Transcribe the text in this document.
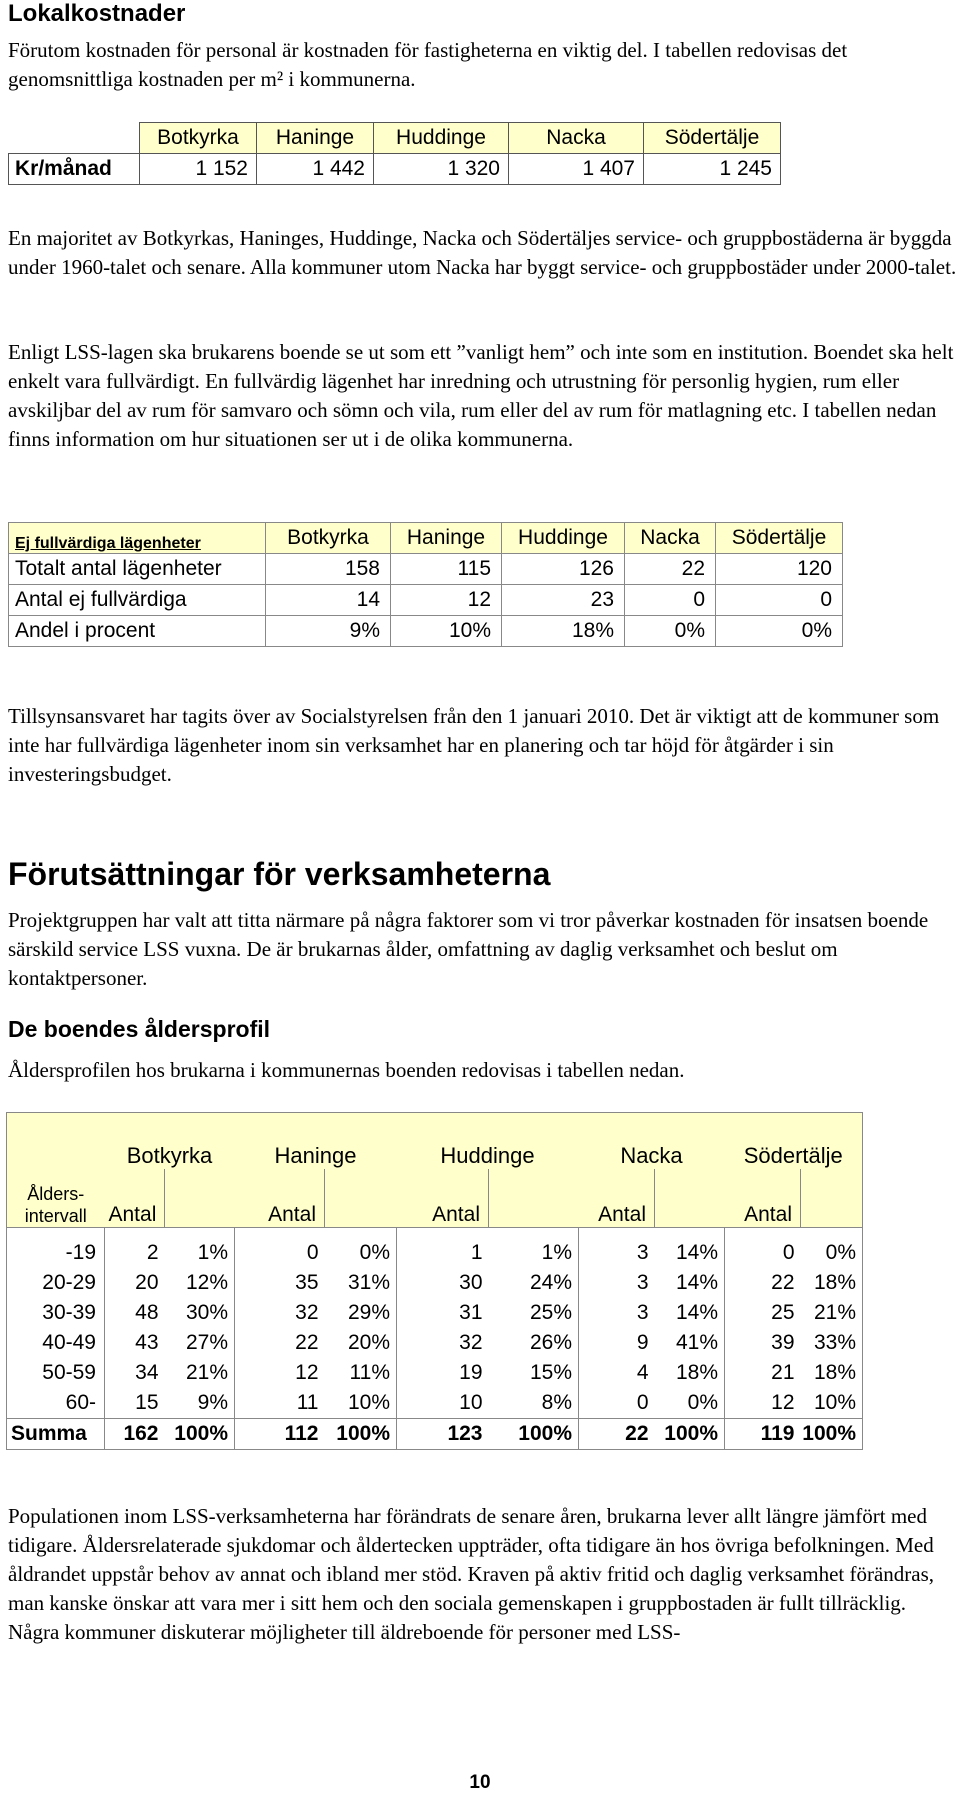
Lokalkostnader

Förutom kostnaden för personal är kostnaden för fastigheterna en viktig del. I tabellen redovisas det genomsnittliga kostnaden per m² i kommunerna.

	Botkyrka	Haninge	Huddinge	Nacka	Södertälje
Kr/månad	1 152	1 442	1 320	1 407	1 245

En majoritet av Botkyrkas, Haninges, Huddinge, Nacka och Södertäljes service- och gruppbostäderna är byggda under 1960-talet och senare. Alla kommuner utom Nacka har byggt service- och gruppbostäder under 2000-talet.

Enligt LSS-lagen ska brukarens boende se ut som ett ”vanligt hem” och inte som en institution. Boendet ska helt enkelt vara fullvärdigt. En fullvärdig lägenhet har inredning och utrustning för personlig hygien, rum eller avskiljbar del av rum för samvaro och sömn och vila, rum eller del av rum för matlagning etc. I tabellen nedan finns information om hur situationen ser ut i de olika kommunerna.

Ej fullvärdiga lägenheter	Botkyrka	Haninge	Huddinge	Nacka	Södertälje
Totalt antal lägenheter	158	115	126	22	120
Antal ej fullvärdiga	14	12	23	0	0
Andel i procent	9%	10%	18%	0%	0%

Tillsynsansvaret har tagits över av Socialstyrelsen från den 1 januari 2010. Det är viktigt att de kommuner som inte har fullvärdiga lägenheter inom sin verksamhet har en planering och tar höjd för åtgärder i sin investeringsbudget.

Förutsättningar för verksamheterna

Projektgruppen har valt att titta närmare på några faktorer som vi tror påverkar kostnaden för insatsen boende särskild service LSS vuxna. De är brukarnas ålder, omfattning av daglig verksamhet och beslut om kontaktpersoner.

De boendes åldersprofil

Åldersprofilen hos brukarna i kommunernas boenden redovisas i tabellen nedan.

	Botkyrka		Haninge		Huddinge		Nacka		Södertälje	
Ålders-
intervall	Antal		Antal		Antal		Antal		Antal	
-19	2	1%	0	0%	1	1%	3	14%	0	0%
20-29	20	12%	35	31%	30	24%	3	14%	22	18%
30-39	48	30%	32	29%	31	25%	3	14%	25	21%
40-49	43	27%	22	20%	32	26%	9	41%	39	33%
50-59	34	21%	12	11%	19	15%	4	18%	21	18%
60-	15	9%	11	10%	10	8%	0	0%	12	10%
Summa	162	100%	112	100%	123	100%	22	100%	119	100%

Populationen inom LSS-verksamheterna har förändrats de senare åren, brukarna lever allt längre jämfört med tidigare. Åldersrelaterade sjukdomar och åldertecken uppträder, ofta tidigare än hos övriga befolkningen. Med åldrandet uppstår behov av annat och ibland mer stöd. Kraven på aktiv fritid och daglig verksamhet förändras, man kanske önskar att vara mer i sitt hem och den sociala gemenskapen i gruppbostaden är fullt tillräcklig. Några kommuner diskuterar möjligheter till äldreboende för personer med LSS-

10
